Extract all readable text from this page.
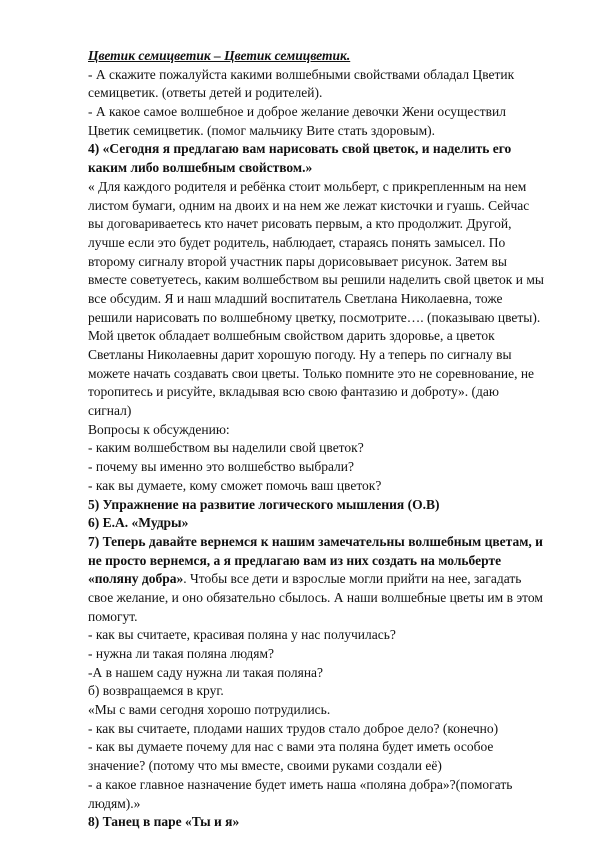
Цветик семицветик – Цветик семицветик.
- А скажите пожалуйста какими волшебными свойствами обладал Цветик
семицветик. (ответы детей и родителей).
- А какое самое волшебное и доброе желание девочки Жени осуществил
Цветик семицветик. (помог мальчику Вите стать здоровым).
4) «Сегодня я предлагаю вам нарисовать свой цветок, и наделить его
каким либо волшебным свойством.»
« Для каждого родителя и ребёнка стоит мольберт, с прикрепленным на нем
листом бумаги, одним на двоих и на нем же лежат кисточки и гуашь. Сейчас
вы договариваетесь кто начет рисовать первым, а кто продолжит. Другой,
лучше если это будет родитель, наблюдает, стараясь понять замысел. По
второму сигналу второй участник пары дорисовывает рисунок. Затем вы
вместе советуетесь, каким волшебством вы решили наделить свой цветок и мы
все обсудим. Я и наш младший воспитатель Светлана Николаевна, тоже
решили нарисовать по волшебному цветку, посмотрите…. (показываю цветы).
Мой цветок обладает волшебным свойством дарить здоровье, а цветок
Светланы Николаевны дарит хорошую погоду. Ну а теперь по сигналу вы
можете начать создавать свои цветы. Только помните это не соревнование, не
торопитесь и рисуйте, вкладывая всю свою фантазию и доброту». (даю
сигнал)
Вопросы к обсуждению:
- каким волшебством вы наделили свой цветок?
- почему вы именно это волшебство выбрали?
- как вы думаете, кому сможет помочь ваш цветок?
5) Упражнение на развитие логического мышления (О.В)
6) Е.А. «Мудры»
7) Теперь давайте вернемся к нашим замечательны волшебным цветам, и
не просто вернемся, а я предлагаю вам из них создать на мольберте
«поляну добра». Чтобы все дети и взрослые могли прийти на нее, загадать
свое желание, и оно обязательно сбылось. А наши волшебные цветы им в этом
помогут.
- как вы считаете, красивая поляна у нас получилась?
- нужна ли такая поляна людям?
-А в нашем саду нужна ли такая поляна?
б) возвращаемся в круг.
«Мы с вами сегодня хорошо потрудились.
- как вы считаете, плодами наших трудов стало доброе дело? (конечно)
- как вы думаете почему для нас с вами эта поляна будет иметь особое
значение? (потому что мы вместе, своими руками создали её)
- а какое главное назначение будет иметь наша «поляна добра»?(помогать
людям).»
8) Танец в паре «Ты и я»
